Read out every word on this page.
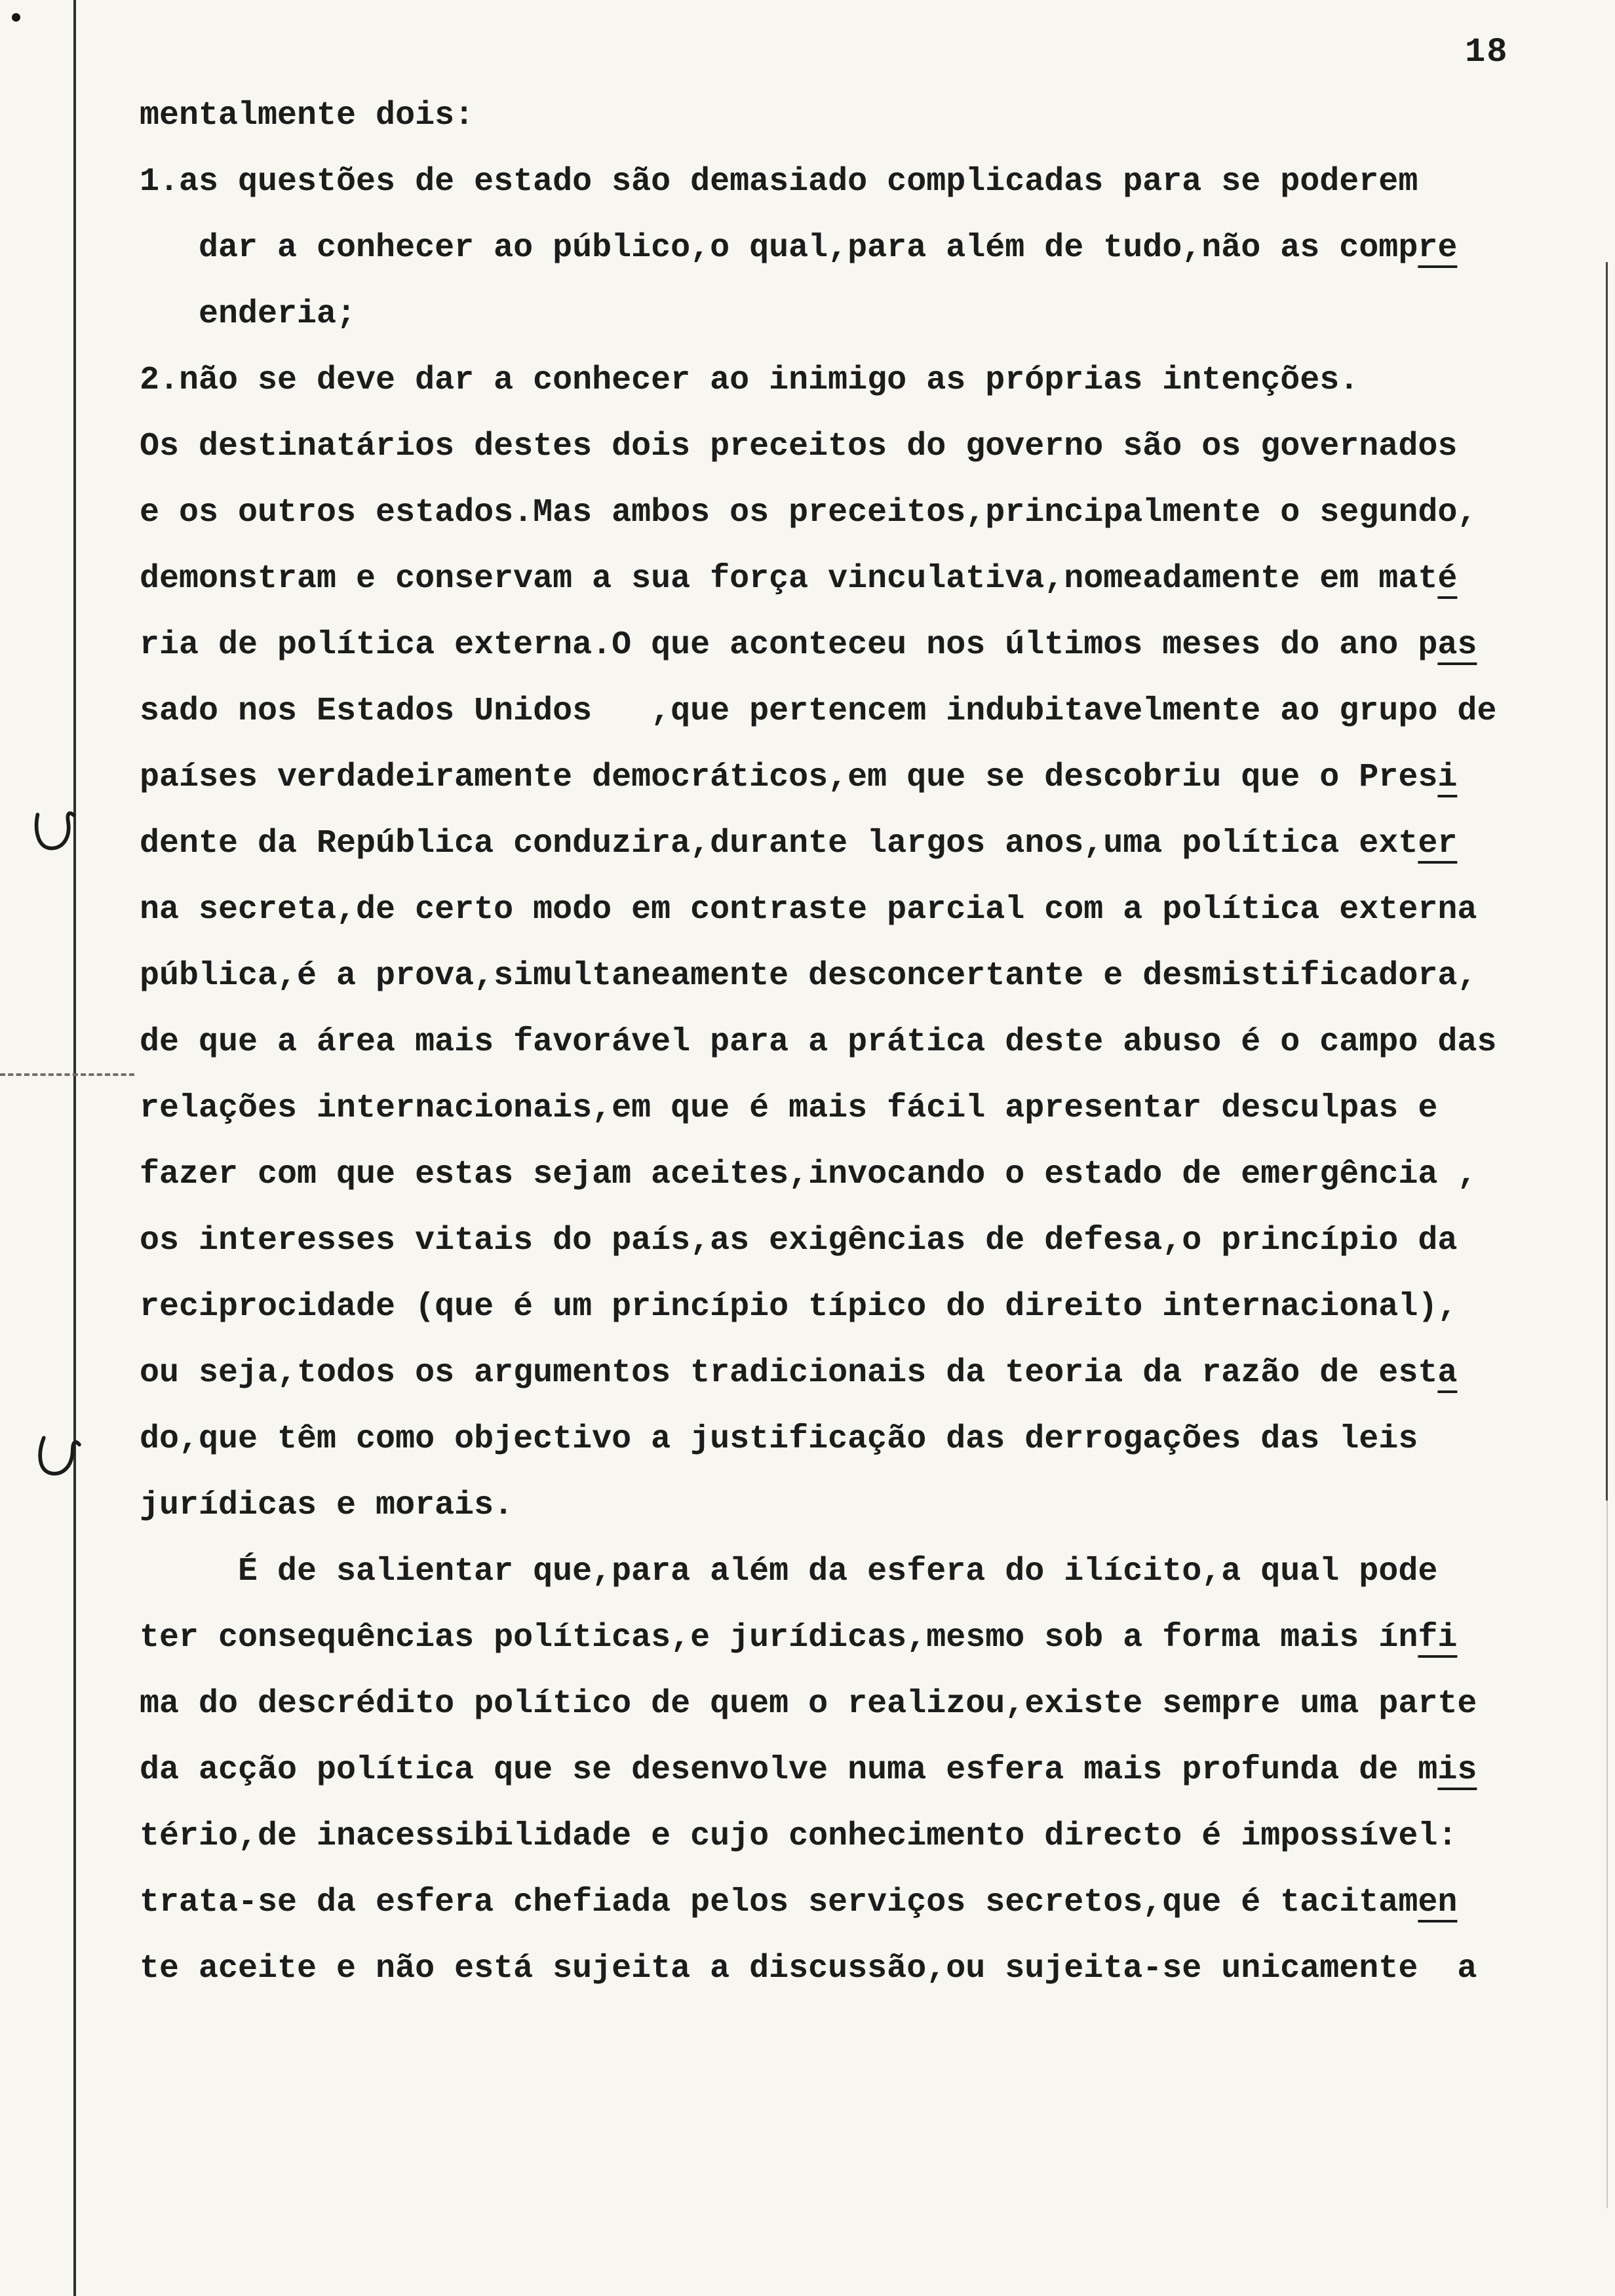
18
mentalmente dois:
1.as questões de estado são demasiado complicadas para se poderem
dar a conhecer ao público,o qual,para além de tudo,não as compre
enderia;
2.não se deve dar a conhecer ao inimigo as próprias intenções.
Os destinatários destes dois preceitos do governo são os governados
e os outros estados.Mas ambos os preceitos,principalmente o segundo,
demonstram e conservam a sua força vinculativa,nomeadamente em maté
ria de política externa.O que aconteceu nos últimos meses do ano pas
sado nos Estados Unidos   ,que pertencem indubitavelmente ao grupo de
países verdadeiramente democráticos,em que se descobriu que o Presi
dente da República conduzira,durante largos anos,uma política exter
na secreta,de certo modo em contraste parcial com a política externa
pública,é a prova,simultaneamente desconcertante e desmistificadora,
de que a área mais favorável para a prática deste abuso é o campo das
relações internacionais,em que é mais fácil apresentar desculpas e
fazer com que estas sejam aceites,invocando o estado de emergência ,
os interesses vitais do país,as exigências de defesa,o princípio da
reciprocidade (que é um princípio típico do direito internacional),
ou seja,todos os argumentos tradicionais da teoria da razão de esta
do,que têm como objectivo a justificação das derrogações das leis
jurídicas e morais.
É de salientar que,para além da esfera do ilícito,a qual pode
ter consequências políticas,e jurídicas,mesmo sob a forma mais ínfi
ma do descrédito político de quem o realizou,existe sempre uma parte
da acção política que se desenvolve numa esfera mais profunda de mis
tério,de inacessibilidade e cujo conhecimento directo é impossível:
trata-se da esfera chefiada pelos serviços secretos,que é tacitamen
te aceite e não está sujeita a discussão,ou sujeita-se unicamente  a
